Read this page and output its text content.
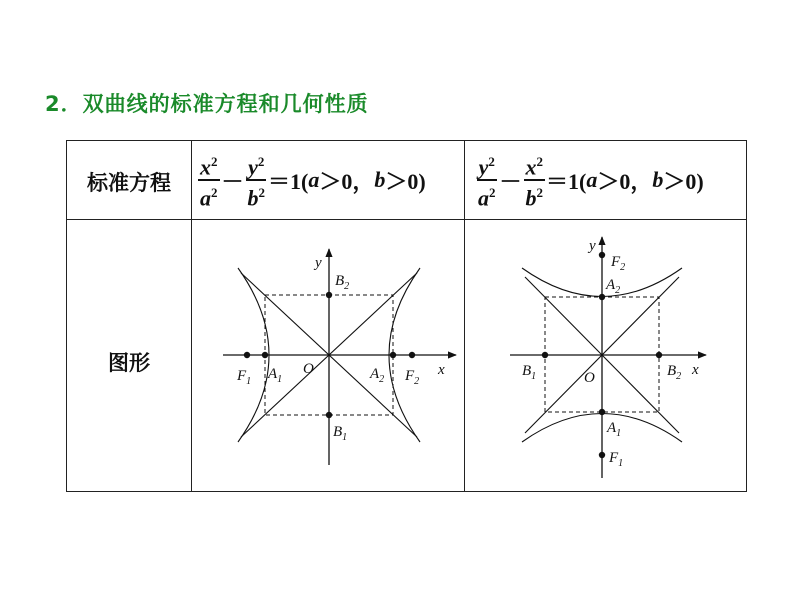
2．双曲线的标准方程和几何性质
标准方程
图形
$\frac{x^2}{a^2} - \frac{y^2}{b^2} =1$( a ＞0， $b >0) \frac{y^2}{a^2} - \frac{x^2}{b^2} =1$( a ＞0， b ＞0)
y
x
O
$F_1$ $A_1$	$A_2$ $F_2$
$B_2$
$B_1$
y
x
O
$F_2$
$A_2$
$A_1$
$F_1$
$B_1$	$B_2$
